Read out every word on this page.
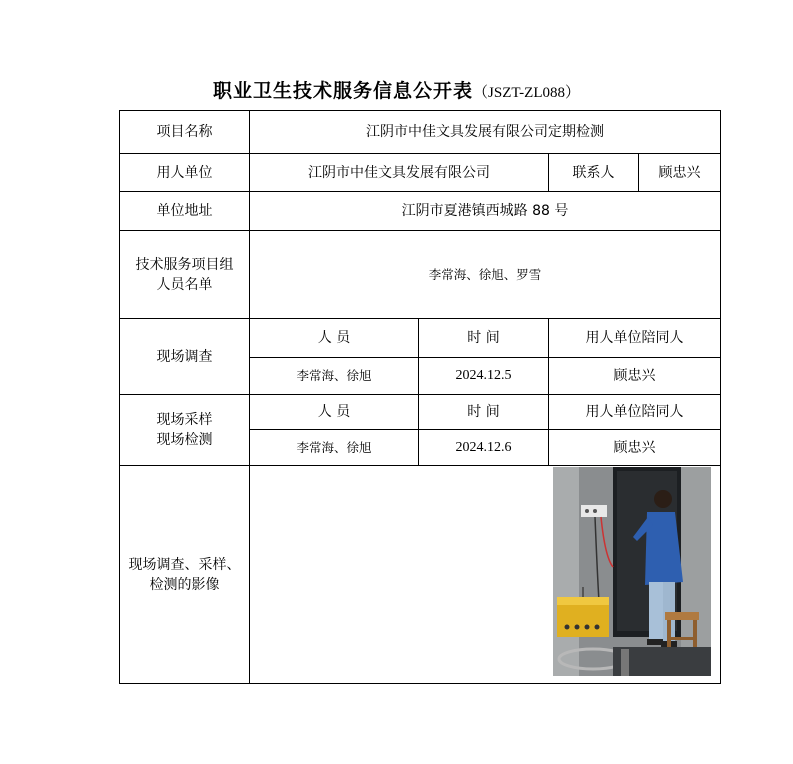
职业卫生技术服务信息公开表（JSZT-ZL088）
项目名称	江阴市中佳文具发展有限公司定期检测			
用人单位	江阴市中佳文具发展有限公司		联系人	顾忠兴
单位地址	江阴市夏港镇西城路 88 号			

技术服务项目组
人员名单	李常海、徐旭、罗雪			
现场调查	人 员	时 间	用人单位陪同人	
	李常海、徐旭	2024.12.5	顾忠兴	

现场采样
现场检测	人 员	时 间	用人单位陪同人	
	李常海、徐旭	2024.12.6	顾忠兴	

现场调查、采样、
检测的影像
